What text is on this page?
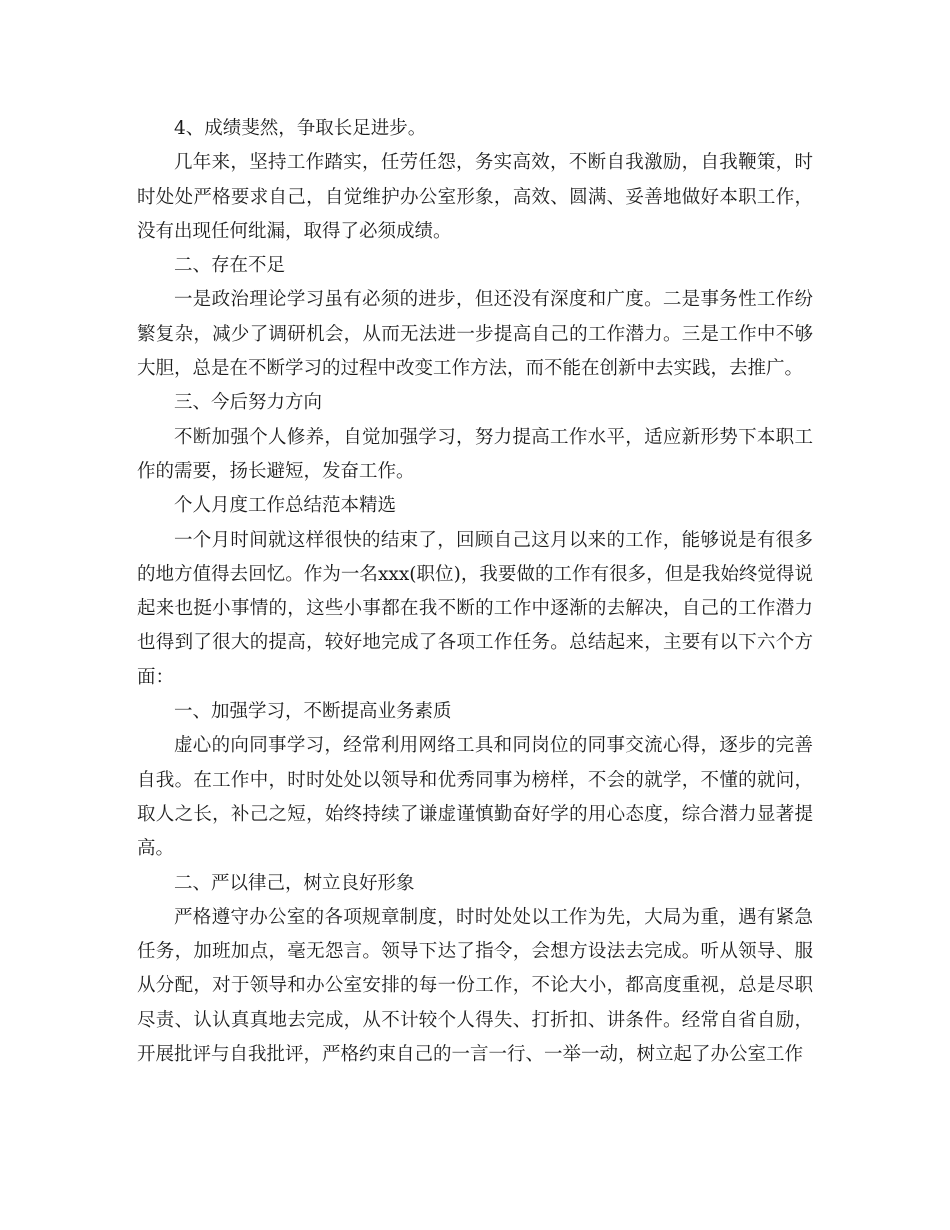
4、成绩斐然，争取长足进步。

几年来，坚持工作踏实，任劳任怨，务实高效，不断自我激励，自我鞭策，时时处处严格要求自己，自觉维护办公室形象，高效、圆满、妥善地做好本职工作，没有出现任何纰漏，取得了必须成绩。

二、存在不足

一是政治理论学习虽有必须的进步，但还没有深度和广度。二是事务性工作纷繁复杂，减少了调研机会，从而无法进一步提高自己的工作潜力。三是工作中不够大胆，总是在不断学习的过程中改变工作方法，而不能在创新中去实践，去推广。

三、今后努力方向

不断加强个人修养，自觉加强学习，努力提高工作水平，适应新形势下本职工作的需要，扬长避短，发奋工作。

个人月度工作总结范本精选

一个月时间就这样很快的结束了，回顾自己这月以来的工作，能够说是有很多的地方值得去回忆。作为一名xxx(职位)，我要做的工作有很多，但是我始终觉得说起来也挺小事情的，这些小事都在我不断的工作中逐渐的去解决，自己的工作潜力也得到了很大的提高，较好地完成了各项工作任务。总结起来，主要有以下六个方面：

一、加强学习，不断提高业务素质

虚心的向同事学习，经常利用网络工具和同岗位的同事交流心得，逐步的完善自我。在工作中，时时处处以领导和优秀同事为榜样，不会的就学，不懂的就问，取人之长，补己之短，始终持续了谦虚谨慎勤奋好学的用心态度，综合潜力显著提高。

二、严以律己，树立良好形象

严格遵守办公室的各项规章制度，时时处处以工作为先，大局为重，遇有紧急任务，加班加点，毫无怨言。领导下达了指令，会想方设法去完成。听从领导、服从分配，对于领导和办公室安排的每一份工作，不论大小，都高度重视，总是尽职尽责、认认真真地去完成，从不计较个人得失、打折扣、讲条件。经常自省自励，开展批评与自我批评，严格约束自己的一言一行、一举一动，树立起了办公室工作
